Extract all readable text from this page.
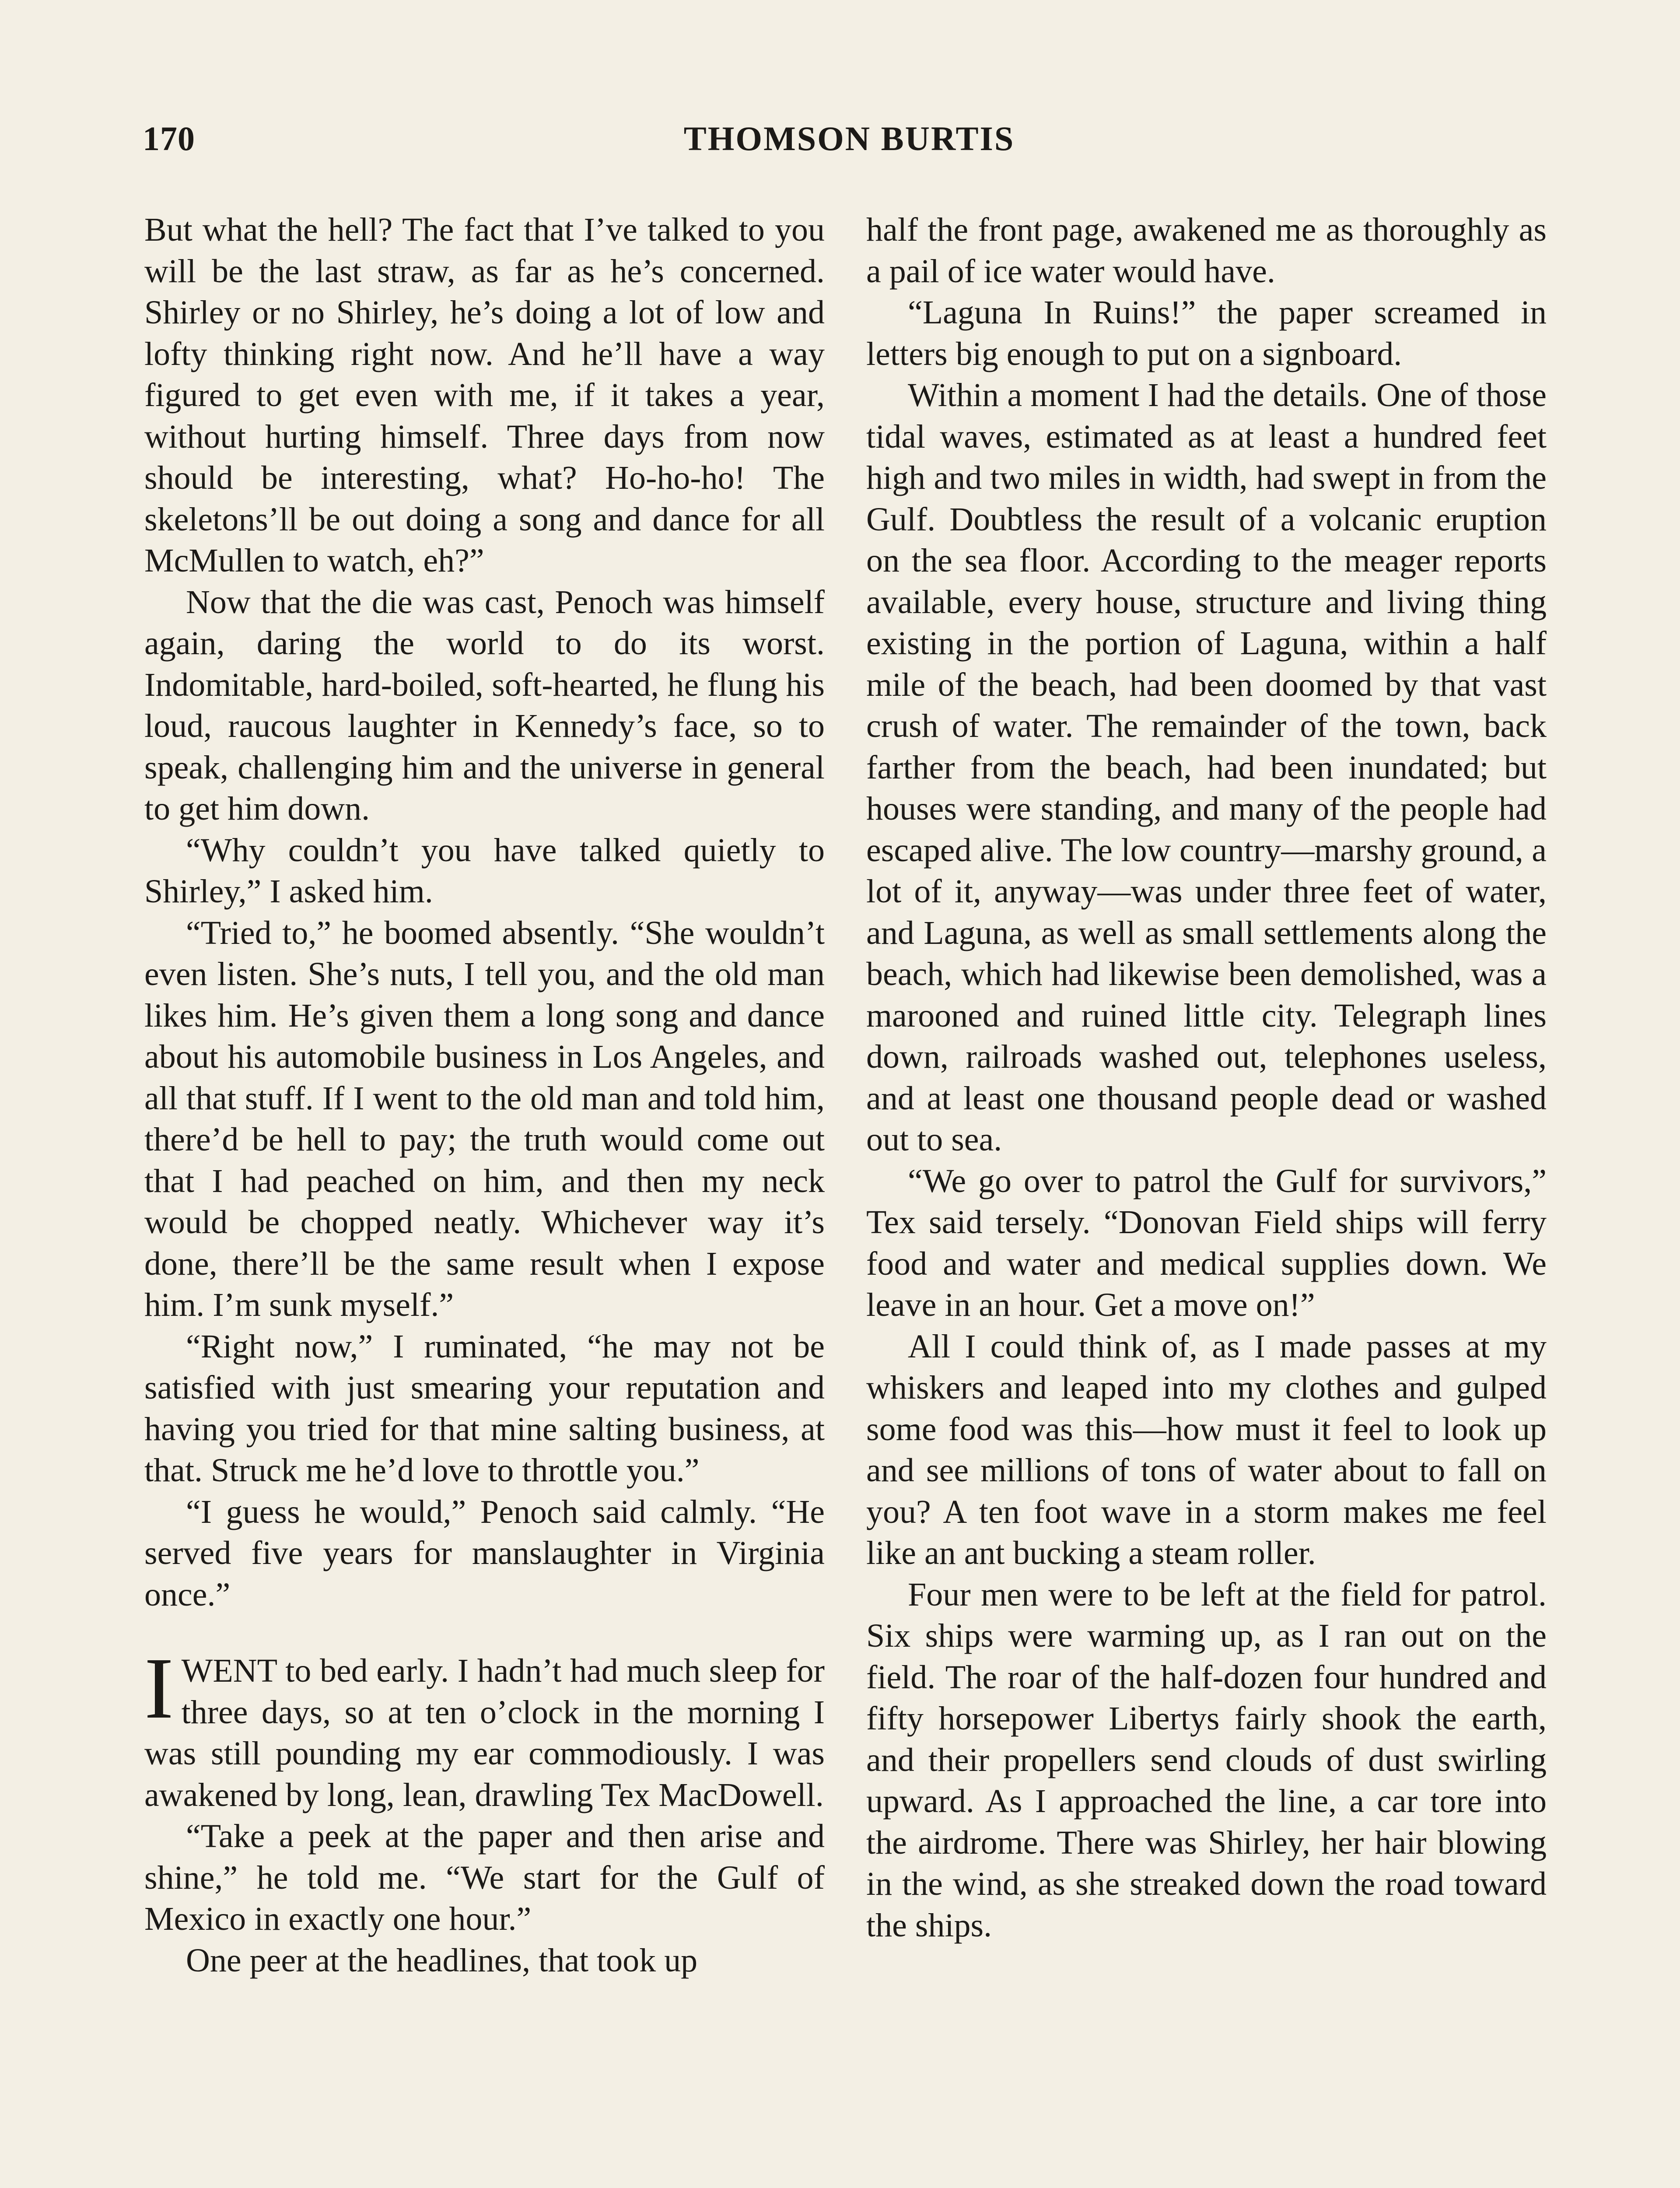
170	THOMSON BURTIS

But what the hell? The fact that I’ve talked to you will be the last straw, as far as he’s concerned. Shirley or no Shirley, he’s doing a lot of low and lofty thinking right now. And he’ll have a way figured to get even with me, if it takes a year, without hurting himself. Three days from now should be interesting, what? Ho-ho-ho! The skeletons’ll be out doing a song and dance for all McMullen to watch, eh?”

Now that the die was cast, Penoch was himself again, daring the world to do its worst. Indomitable, hard-boiled, soft-hearted, he flung his loud, raucous laughter in Kennedy’s face, so to speak, challenging him and the universe in general to get him down.

“Why couldn’t you have talked quietly to Shirley,” I asked him.

“Tried to,” he boomed absently. “She wouldn’t even listen. She’s nuts, I tell you, and the old man likes him. He’s given them a long song and dance about his automobile business in Los Angeles, and all that stuff. If I went to the old man and told him, there’d be hell to pay; the truth would come out that I had peached on him, and then my neck would be chopped neatly. Whichever way it’s done, there’ll be the same result when I expose him. I’m sunk myself.”

“Right now,” I ruminated, “he may not be satisfied with just smearing your reputation and having you tried for that mine salting business, at that. Struck me he’d love to throttle you.”

“I guess he would,” Penoch said calmly. “He served five years for manslaughter in Virginia once.”

IWENT to bed early. I hadn’t had much sleep for three days, so at ten o’clock in the morning I was still pounding my ear commodiously. I was awakened by long, lean, drawling Tex MacDowell.

“Take a peek at the paper and then arise and shine,” he told me. “We start for the Gulf of Mexico in exactly one hour.”

One peer at the headlines, that took up

half the front page, awakened me as thoroughly as a pail of ice water would have.

“Laguna In Ruins!” the paper screamed in letters big enough to put on a signboard.

Within a moment I had the details. One of those tidal waves, estimated as at least a hundred feet high and two miles in width, had swept in from the Gulf. Doubtless the result of a volcanic eruption on the sea floor. According to the meager reports available, every house, structure and living thing existing in the portion of Laguna, within a half mile of the beach, had been doomed by that vast crush of water. The remainder of the town, back farther from the beach, had been inundated; but houses were standing, and many of the people had escaped alive. The low country—marshy ground, a lot of it, anyway—was under three feet of water, and Laguna, as well as small settlements along the beach, which had likewise been demolished, was a marooned and ruined little city. Telegraph lines down, railroads washed out, telephones useless, and at least one thousand people dead or washed out to sea.

“We go over to patrol the Gulf for survivors,” Tex said tersely. “Donovan Field ships will ferry food and water and medical supplies down. We leave in an hour. Get a move on!”

All I could think of, as I made passes at my whiskers and leaped into my clothes and gulped some food was this—how must it feel to look up and see millions of tons of water about to fall on you? A ten foot wave in a storm makes me feel like an ant bucking a steam roller.

Four men were to be left at the field for patrol. Six ships were warming up, as I ran out on the field. The roar of the half-dozen four hundred and fifty horsepower Libertys fairly shook the earth, and their propellers send clouds of dust swirling upward. As I approached the line, a car tore into the airdrome. There was Shirley, her hair blowing in the wind, as she streaked down the road toward the ships.
